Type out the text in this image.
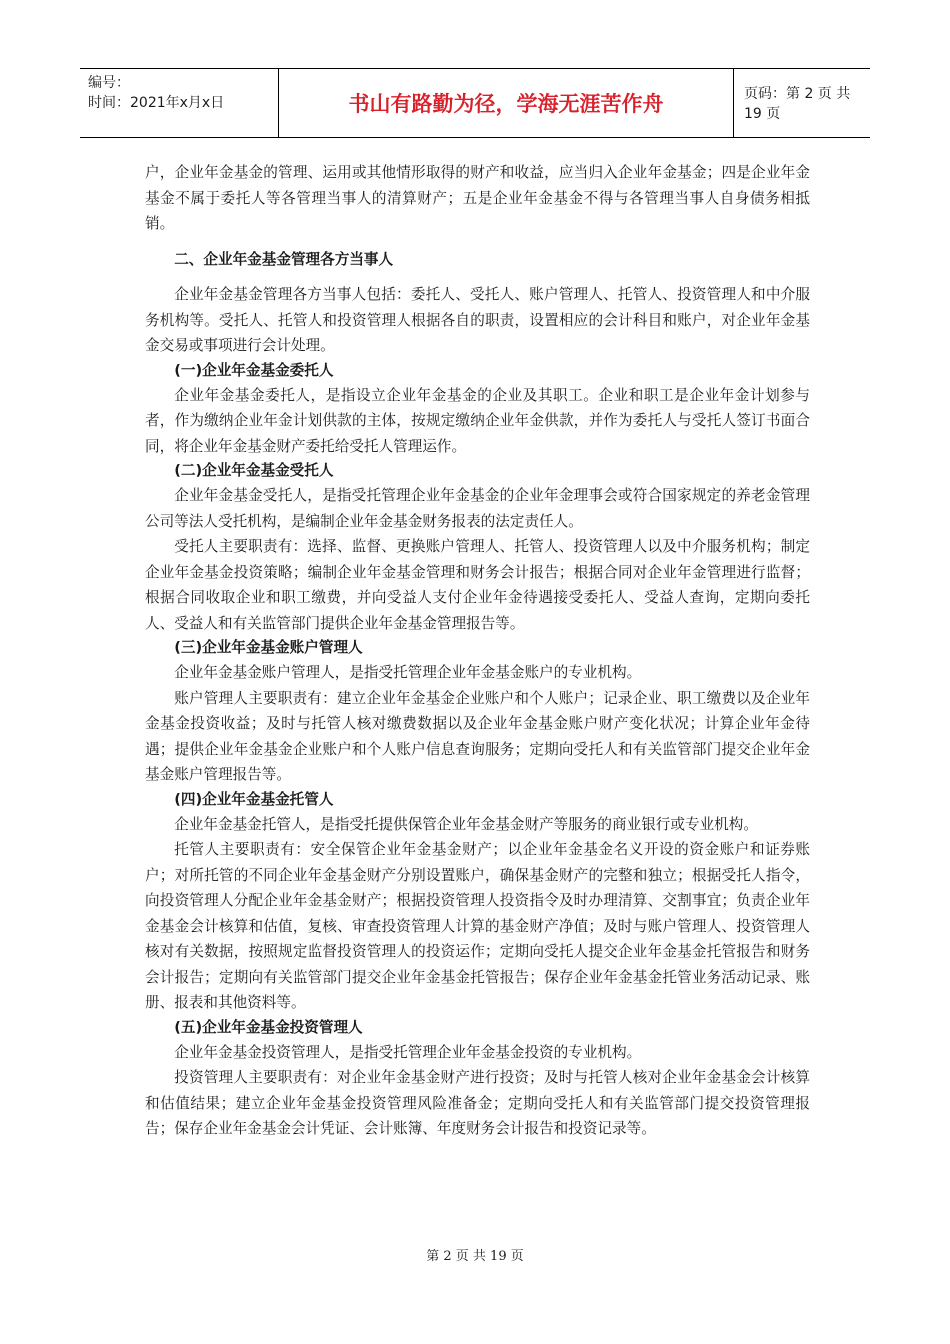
编号：
时间：2021年x月x日	书山有路勤为径，学海无涯苦作舟	页码：第 2 页 共 19 页

户，企业年金基金的管理、运用或其他情形取得的财产和收益，应当归入企业年金基金；四是企业年金基金不属于委托人等各管理当事人的清算财产；五是企业年金基金不得与各管理当事人自身债务相抵销。

二、企业年金基金管理各方当事人

企业年金基金管理各方当事人包括：委托人、受托人、账户管理人、托管人、投资管理人和中介服务机构等。受托人、托管人和投资管理人根据各自的职责，设置相应的会计科目和账户，对企业年金基金交易或事项进行会计处理。

(一)企业年金基金委托人

企业年金基金委托人，是指设立企业年金基金的企业及其职工。企业和职工是企业年金计划参与者，作为缴纳企业年金计划供款的主体，按规定缴纳企业年金供款，并作为委托人与受托人签订书面合同，将企业年金基金财产委托给受托人管理运作。

(二)企业年金基金受托人

企业年金基金受托人，是指受托管理企业年金基金的企业年金理事会或符合国家规定的养老金管理公司等法人受托机构，是编制企业年金基金财务报表的法定责任人。

受托人主要职责有：选择、监督、更换账户管理人、托管人、投资管理人以及中介服务机构；制定企业年金基金投资策略；编制企业年金基金管理和财务会计报告；根据合同对企业年金管理进行监督；根据合同收取企业和职工缴费，并向受益人支付企业年金待遇接受委托人、受益人查询，定期向委托人、受益人和有关监管部门提供企业年金基金管理报告等。

(三)企业年金基金账户管理人

企业年金基金账户管理人，是指受托管理企业年金基金账户的专业机构。

账户管理人主要职责有：建立企业年金基金企业账户和个人账户；记录企业、职工缴费以及企业年金基金投资收益；及时与托管人核对缴费数据以及企业年金基金账户财产变化状况；计算企业年金待遇；提供企业年金基金企业账户和个人账户信息查询服务；定期向受托人和有关监管部门提交企业年金基金账户管理报告等。

(四)企业年金基金托管人

企业年金基金托管人，是指受托提供保管企业年金基金财产等服务的商业银行或专业机构。

托管人主要职责有：安全保管企业年金基金财产；以企业年金基金名义开设的资金账户和证券账户；对所托管的不同企业年金基金财产分别设置账户，确保基金财产的完整和独立；根据受托人指令，向投资管理人分配企业年金基金财产；根据投资管理人投资指令及时办理清算、交割事宜；负责企业年金基金会计核算和估值，复核、审查投资管理人计算的基金财产净值；及时与账户管理人、投资管理人核对有关数据，按照规定监督投资管理人的投资运作；定期向受托人提交企业年金基金托管报告和财务会计报告；定期向有关监管部门提交企业年金基金托管报告；保存企业年金基金托管业务活动记录、账册、报表和其他资料等。

(五)企业年金基金投资管理人

企业年金基金投资管理人，是指受托管理企业年金基金投资的专业机构。

投资管理人主要职责有：对企业年金基金财产进行投资；及时与托管人核对企业年金基金会计核算和估值结果；建立企业年金基金投资管理风险准备金；定期向受托人和有关监管部门提交投资管理报告；保存企业年金基金会计凭证、会计账簿、年度财务会计报告和投资记录等。

第 2 页 共 19 页
